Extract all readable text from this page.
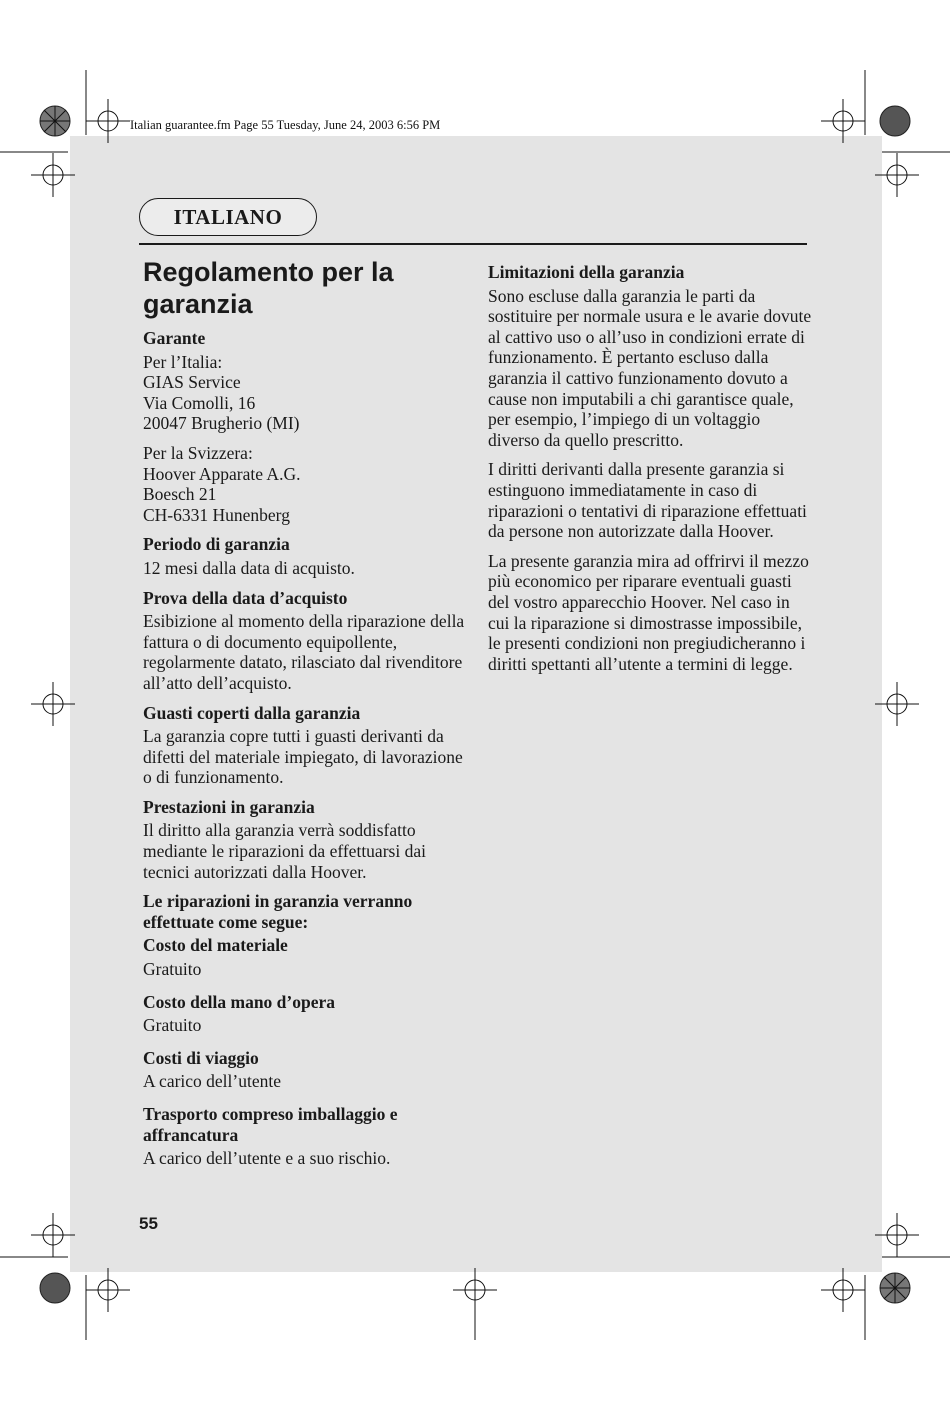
Italian guarantee.fm Page 55 Tuesday, June 24, 2003 6:56 PM
ITALIANO
Regolamento per la
garanzia
Garante
Per l’Italia:
GIAS Service
Via Comolli, 16
20047 Brugherio (MI)
Per la Svizzera:
Hoover Apparate A.G.
Boesch 21
CH-6331 Hunenberg
Periodo di garanzia
12 mesi dalla data di acquisto.
Prova della data d’acquisto
Esibizione al momento della riparazione della fattura o di documento equipollente, regolarmente datato, rilasciato dal rivenditore all’atto dell’acquisto.
Guasti coperti dalla garanzia
La garanzia copre tutti i guasti derivanti da difetti del materiale impiegato, di lavorazione o di funzionamento.
Prestazioni in garanzia
Il diritto alla garanzia verrà soddisfatto mediante le riparazioni da effettuarsi dai tecnici autorizzati dalla Hoover.
Le riparazioni in garanzia verranno effettuate come segue:
Costo del materiale
Gratuito
Costo della mano d’opera
Gratuito
Costi di viaggio
A carico dell’utente
Trasporto compreso imballaggio e affrancatura
A carico dell’utente e a suo rischio.
Limitazioni della garanzia
Sono escluse dalla garanzia le parti da sostituire per normale usura e le avarie dovute al cattivo uso o all’uso in condizioni errate di funzionamento. È pertanto escluso dalla garanzia il cattivo funzionamento dovuto a cause non imputabili a chi garantisce quale, per esempio, l’impiego di un voltaggio diverso da quello prescritto.
I diritti derivanti dalla presente garanzia si estinguono immediatamente in caso di riparazioni o tentativi di riparazione effettuati da persone non autorizzate dalla Hoover.
La presente garanzia mira ad offrirvi il mezzo più economico per riparare eventuali guasti del vostro apparecchio Hoover. Nel caso in cui la riparazione si dimostrasse impossibile, le presenti condizioni non pregiudicheranno i diritti spettanti all’utente a termini di legge.
55
